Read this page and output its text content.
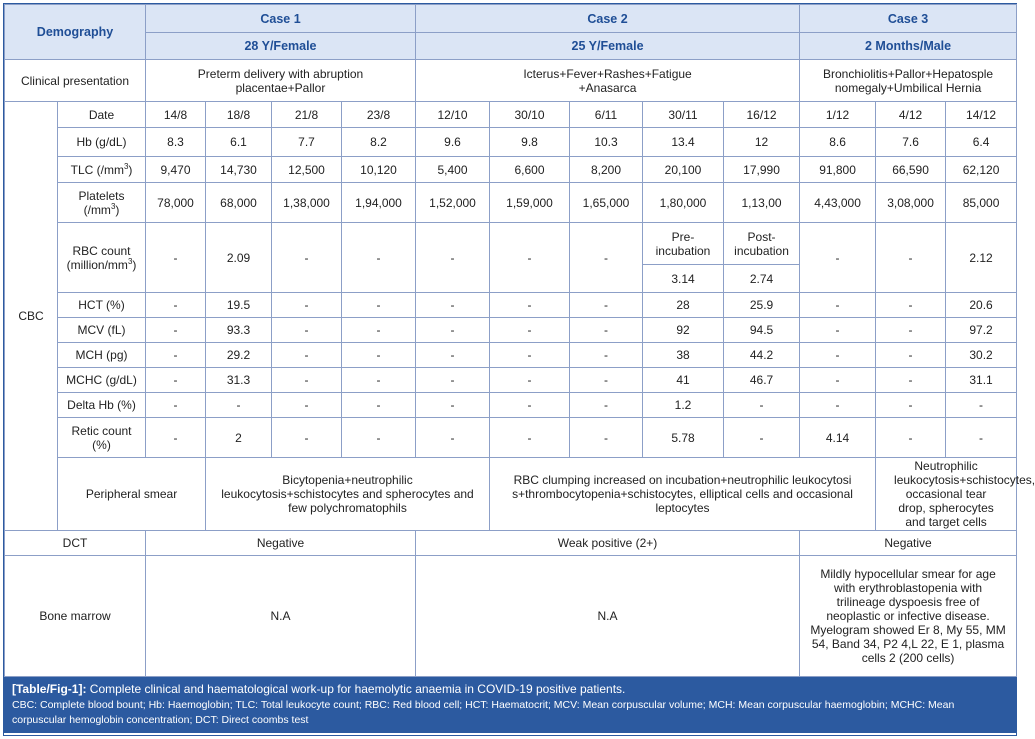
Demography		Case 1				Case 2					Case 3		
		28 Y/Female				25 Y/Female					2 Months/Male		
Clinical presentation		Preterm delivery with abruption placentae+Pallor				Icterus+Fever+Rashes+Fatigue +Anasarca					Bronchiolitis+Pallor+Hepatosple nomegaly+Umbilical Hernia		
CBC	Date	14/8	18/8	21/8	23/8	12/10	30/10	6/11	30/11	16/12	1/12	4/12	14/12
	Hb (g/dL)	8.3	6.1	7.7	8.2	9.6	9.8	10.3	13.4	12	8.6	7.6	6.4
	TLC $(/mm^3)$	9,470	14,730	12,500	10,120	5,400	6,600	8,200	20,100	17,990	91,800	66,590	62,120
	Platelets
$(/mm^3)$	78,000	68,000	1,38,000	1,94,000	1,52,000	1,59,000	1,65,000	1,80,000	1,13,00	4,43,000	3,08,000	85,000
	RBC count
$(million/mm^3)$	-	2.09	-	-	-	-	-	Pre-incubation	Post-incubation	-	-	2.12
									3.14	2.74			
	HCT (%)	-	19.5	-	-	-	-	-	28	25.9	-	-	20.6
	MCV (fL)	-	93.3	-	-	-	-	-	92	94.5	-	-	97.2
	MCH (pg)	-	29.2	-	-	-	-	-	38	44.2	-	-	30.2
	MCHC (g/dL)	-	31.3	-	-	-	-	-	41	46.7	-	-	31.1
	Delta Hb (%)	-	-	-	-	-	-	-	1.2	-	-	-	-
	Retic count
(%)	-	2	-	-	-	-	-	5.78	-	4.14	-	-
	Peripheral smear		Bicytopenia+neutrophilic leukocytosis+schistocytes and spherocytes and few polychromatophils				RBC clumping increased on incubation+neutrophilic leukocytosi s+thrombocytopenia+schistocytes, elliptical cells and occasional leptocytes					Neutrophilic leukocytosis+schistocytes, occasional tear drop, spherocytes and target cells	
DCT		Negative				Weak positive (2+)					Negative		
Bone marrow		N.A				N.A					Mildly hypocellular smear for age with erythroblastopenia with trilineage dyspoesis free of neoplastic or infective disease. Myelogram showed Er 8, My 55, MM 54, Band 34, P2 4,L 22, E 1, plasma cells 2 (200 cells)		
[Table/Fig-1]: Complete clinical and haematological work-up for haemolytic anaemia in COVID-19 positive patients.
CBC: Complete blood bount; Hb: Haemoglobin; TLC: Total leukocyte count; RBC: Red blood cell; HCT: Haematocrit; MCV: Mean corpuscular volume; MCH: Mean corpuscular haemoglobin; MCHC: Mean corpuscular hemoglobin concentration; DCT: Direct coombs test
